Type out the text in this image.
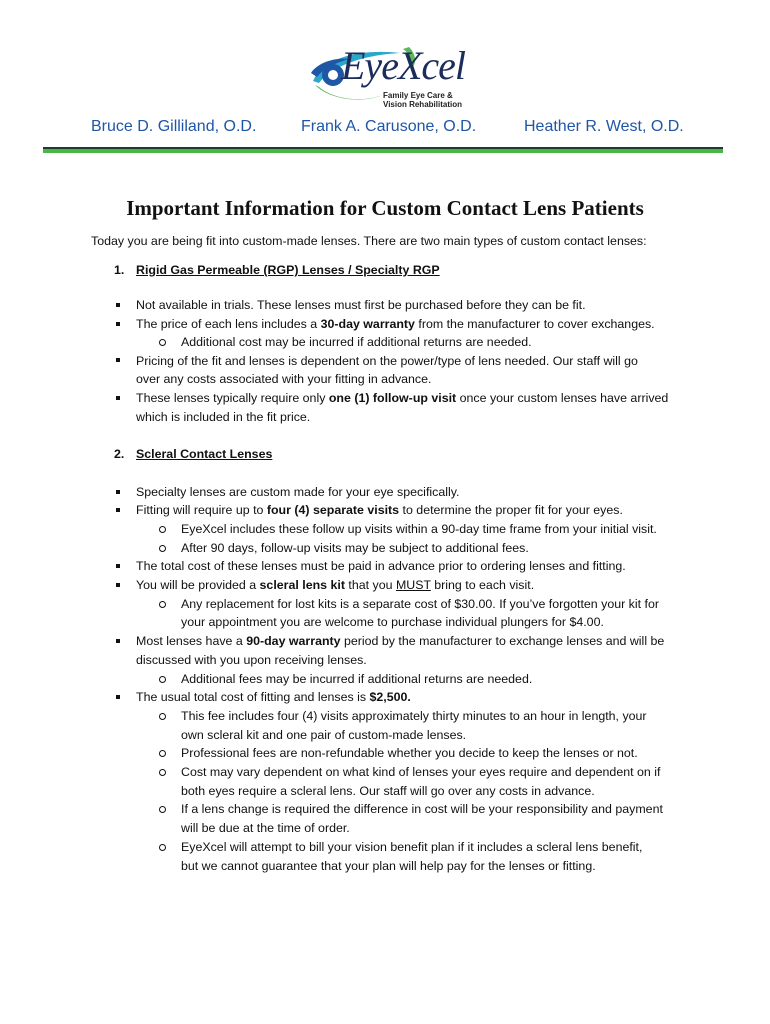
EyeXcel
Family Eye Care &
Vision Rehabilitation
Bruce D. Gilliland, O.D.	Frank A. Carusone, O.D.	Heather R. West, O.D.
Important Information for Custom Contact Lens Patients
Today you are being fit into custom-made lenses. There are two main types of custom contact lenses:
1. Rigid Gas Permeable (RGP) Lenses / Specialty RGP
Not available in trials. These lenses must first be purchased before they can be fit.
The price of each lens includes a 30-day warranty from the manufacturer to cover exchanges.
Additional cost may be incurred if additional returns are needed.
Pricing of the fit and lenses is dependent on the power/type of lens needed. Our staff will go
over any costs associated with your fitting in advance.
These lenses typically require only one (1) follow-up visit once your custom lenses have arrived
which is included in the fit price.
2. Scleral Contact Lenses
Specialty lenses are custom made for your eye specifically.
Fitting will require up to four (4) separate visits to determine the proper fit for your eyes.
EyeXcel includes these follow up visits within a 90-day time frame from your initial visit.
After 90 days, follow-up visits may be subject to additional fees.
The total cost of these lenses must be paid in advance prior to ordering lenses and fitting.
You will be provided a scleral lens kit that you MUST bring to each visit.
Any replacement for lost kits is a separate cost of $30.00. If you’ve forgotten your kit for
your appointment you are welcome to purchase individual plungers for $4.00.
Most lenses have a 90-day warranty period by the manufacturer to exchange lenses and will be
discussed with you upon receiving lenses.
Additional fees may be incurred if additional returns are needed.
The usual total cost of fitting and lenses is $2,500.
This fee includes four (4) visits approximately thirty minutes to an hour in length, your
own scleral kit and one pair of custom-made lenses.
Professional fees are non-refundable whether you decide to keep the lenses or not.
Cost may vary dependent on what kind of lenses your eyes require and dependent on if
both eyes require a scleral lens. Our staff will go over any costs in advance.
If a lens change is required the difference in cost will be your responsibility and payment
will be due at the time of order.
EyeXcel will attempt to bill your vision benefit plan if it includes a scleral lens benefit,
but we cannot guarantee that your plan will help pay for the lenses or fitting.
